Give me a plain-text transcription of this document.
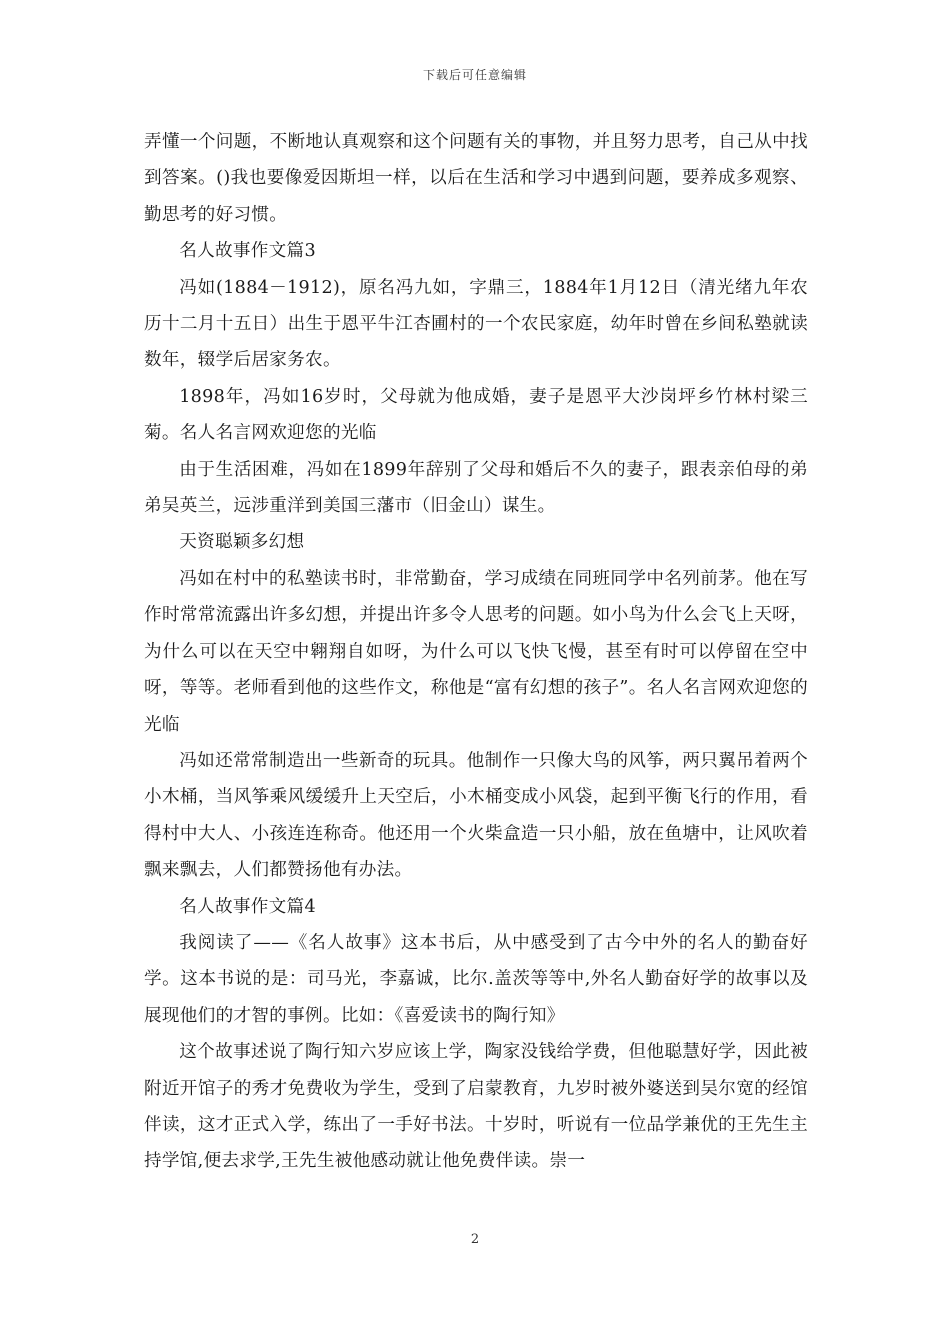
下载后可任意编辑

弄懂一个问题，不断地认真观察和这个问题有关的事物，并且努力思考，自己从中找到答案。()我也要像爱因斯坦一样，以后在生活和学习中遇到问题，要养成多观察、勤思考的好习惯。

名人故事作文篇3

冯如(1884－1912)，原名冯九如，字鼎三，1884年1月12日（清光绪九年农历十二月十五日）出生于恩平牛江杏圃村的一个农民家庭，幼年时曾在乡间私塾就读数年，辍学后居家务农。

1898年，冯如16岁时，父母就为他成婚，妻子是恩平大沙岗坪乡竹林村梁三菊。名人名言网欢迎您的光临

由于生活困难，冯如在1899年辞别了父母和婚后不久的妻子，跟表亲伯母的弟弟吴英兰，远涉重洋到美国三藩市（旧金山）谋生。

天资聪颖多幻想

冯如在村中的私塾读书时，非常勤奋，学习成绩在同班同学中名列前茅。他在写作时常常流露出许多幻想，并提出许多令人思考的问题。如小鸟为什么会飞上天呀，为什么可以在天空中翱翔自如呀，为什么可以飞快飞慢，甚至有时可以停留在空中呀，等等。老师看到他的这些作文，称他是“富有幻想的孩子”。名人名言网欢迎您的光临

冯如还常常制造出一些新奇的玩具。他制作一只像大鸟的风筝，两只翼吊着两个小木桶，当风筝乘风缓缓升上天空后，小木桶变成小风袋，起到平衡飞行的作用，看得村中大人、小孩连连称奇。他还用一个火柴盒造一只小船，放在鱼塘中，让风吹着飘来飘去，人们都赞扬他有办法。

名人故事作文篇4

我阅读了——《名人故事》这本书后，从中感受到了古今中外的名人的勤奋好学。这本书说的是：司马光，李嘉诚，比尔.盖茨等等中,外名人勤奋好学的故事以及展现他们的才智的事例。比如：《喜爱读书的陶行知》

这个故事述说了陶行知六岁应该上学，陶家没钱给学费，但他聪慧好学，因此被附近开馆子的秀才免费收为学生，受到了启蒙教育，九岁时被外婆送到吴尔宽的经馆伴读，这才正式入学，练出了一手好书法。十岁时，听说有一位品学兼优的王先生主持学馆,便去求学,王先生被他感动就让他免费伴读。崇一

2
